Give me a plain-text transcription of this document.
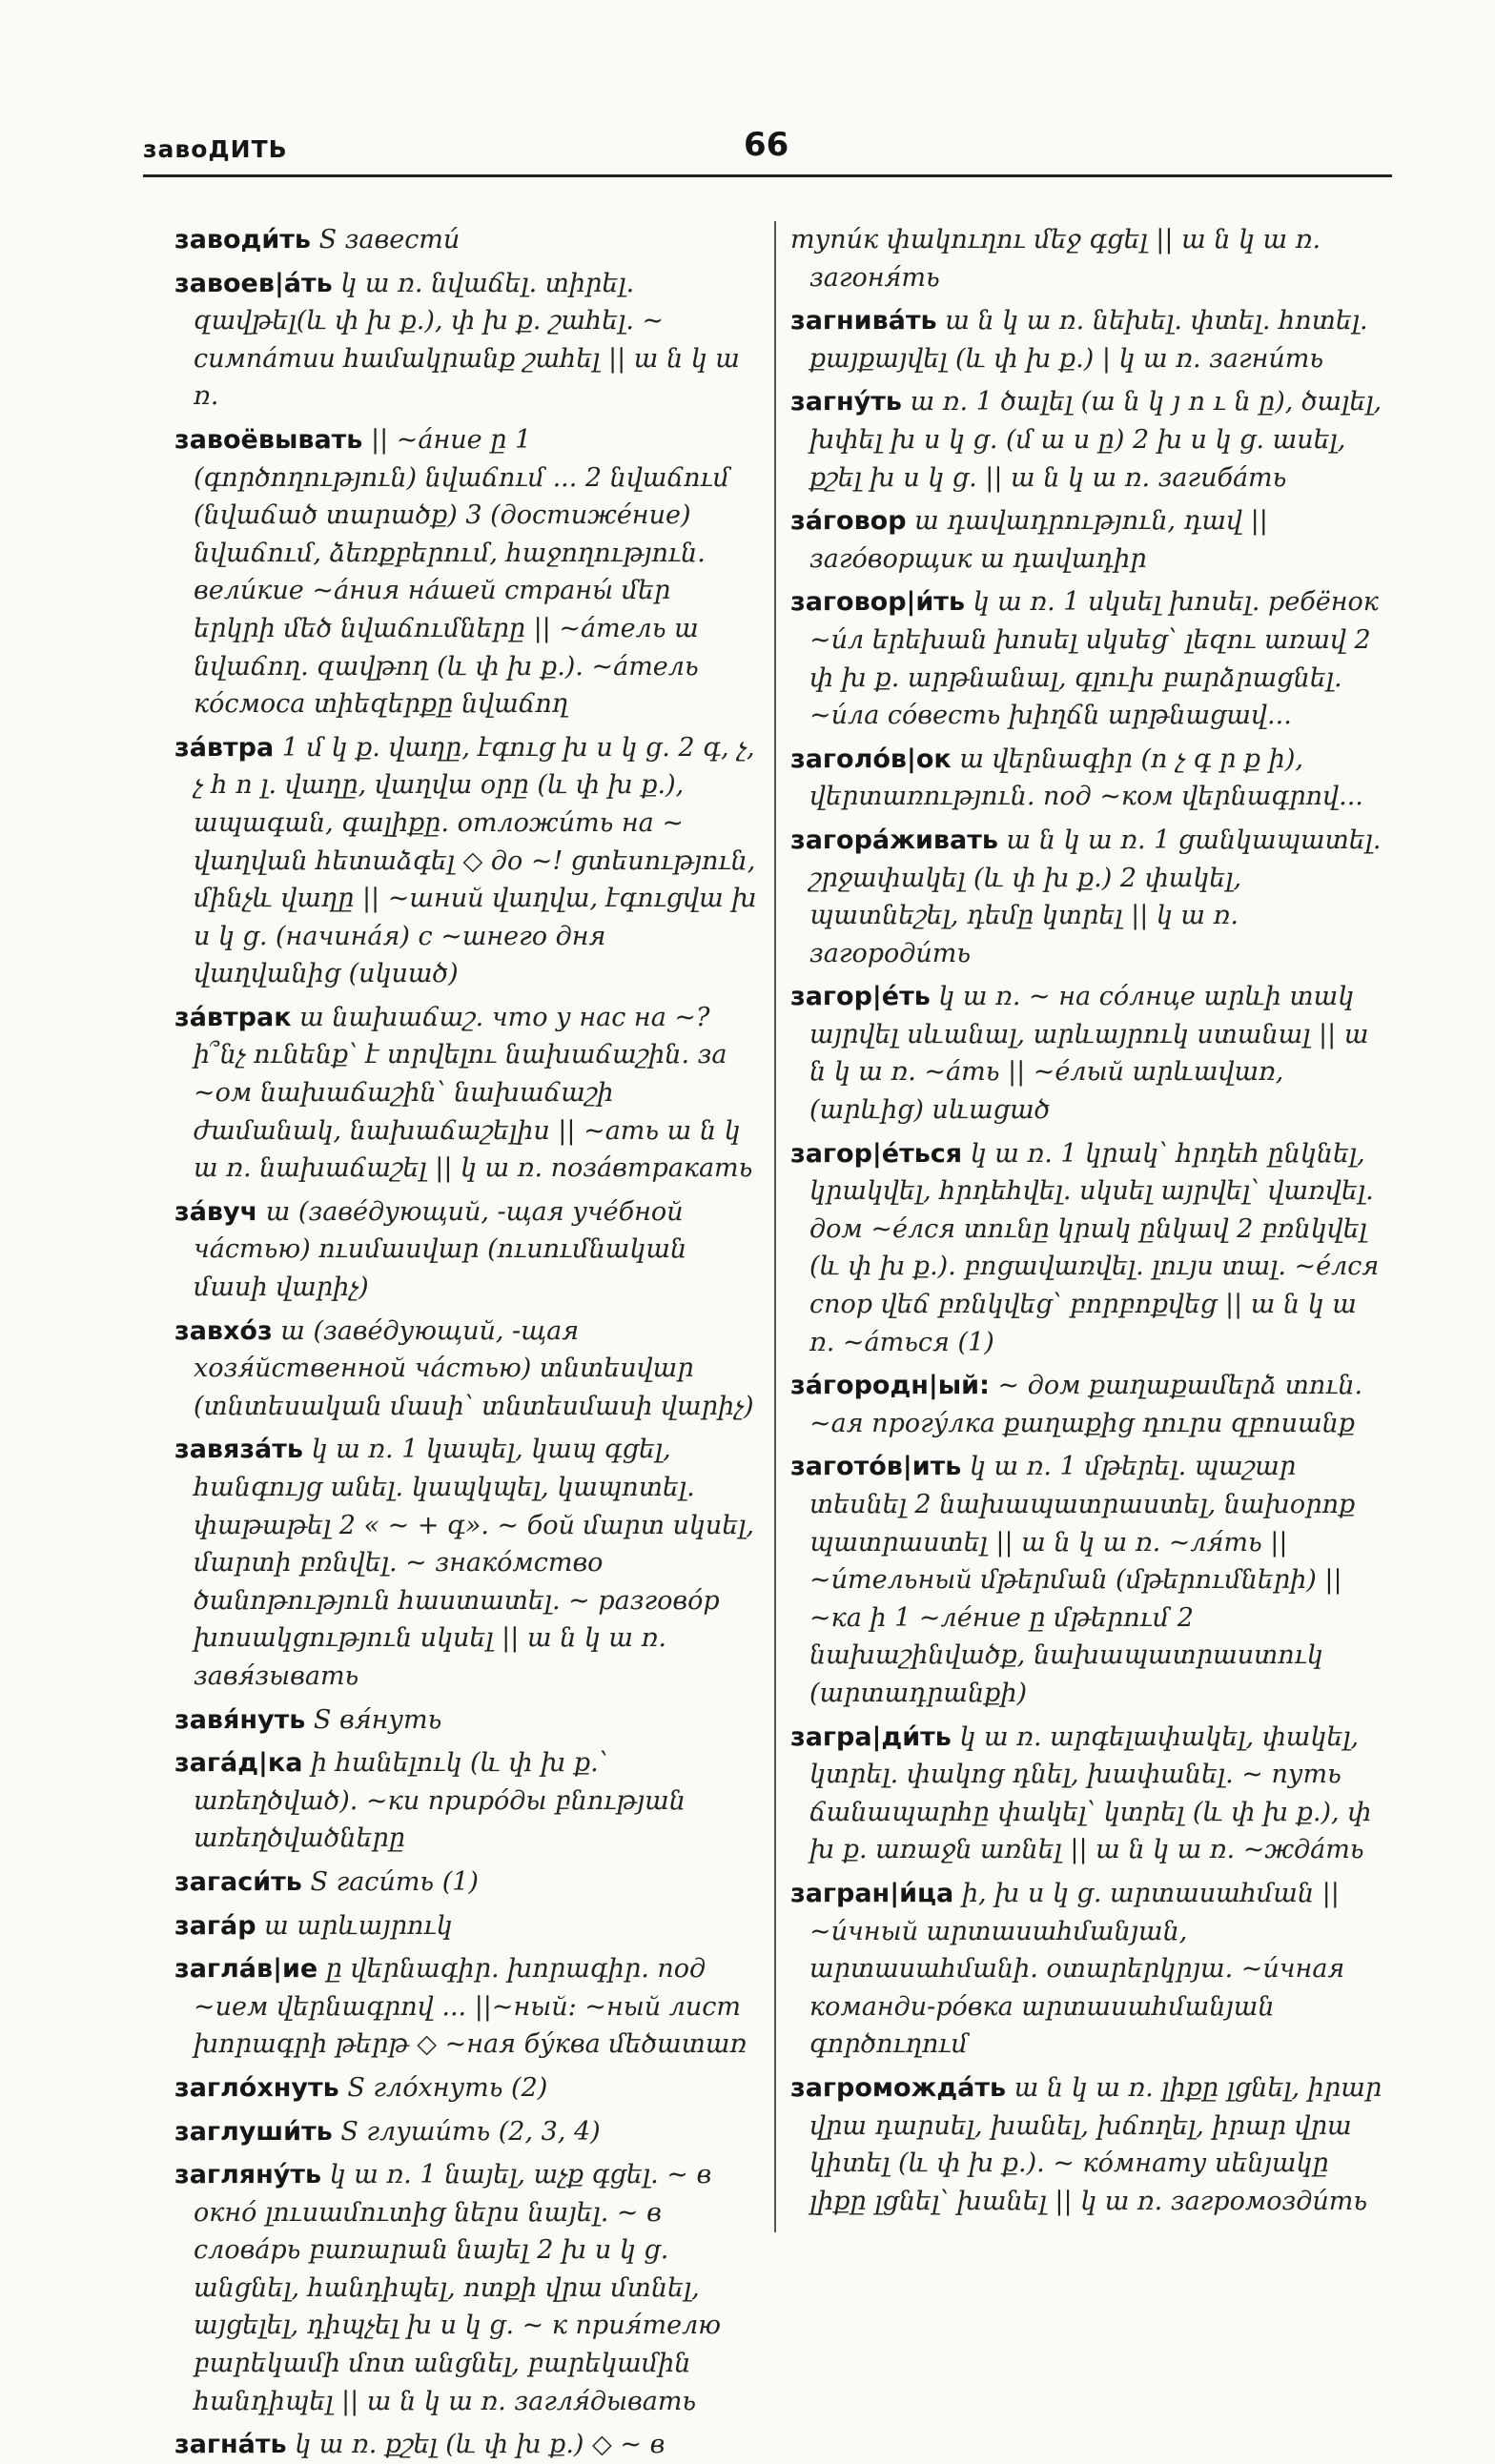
завоДИТЬ	66
заводи́ть S завести́
завоев|а́ть կ ա ռ. նվաճել. տիրել. զավթել(և փ խ ք.), փ խ ք. շահել. ~ симпа́тии համակրանք շահել || ա ն կ ա ռ.
завоёвывать || ~а́ние ը 1 (գործողություն) նվաճում ... 2 նվաճում (նվաճած տարածք) 3 (достиже́ние) նվաճում, ձեռքբերում, հաջողություն. вели́кие ~а́ния на́шей страны́ մեր երկրի մեծ նվաճումները || ~а́тель ա նվաճող. զավթող (և փ խ ք.). ~а́тель ко́смоса տիեզերքը նվաճող
за́втра 1 մ կ ք. վաղը, էգուց խ ս կ ց. 2 գ, չ, չ հ ո լ. վաղը, վաղվա օրը (և փ խ ք.), ապագան, գալիքը. отложи́ть на ~ վաղվան հետաձգել ◇ до ~! ցտեսություն, մինչև վաղը || ~шний վաղվա, էգուցվա խ ս կ ց. (начина́я) с ~шнего дня վաղվանից (սկսած)
за́втрак ա նախաճաշ. что у нас на ~? ի՞նչ ունենք՝ է տրվելու նախաճաշին. за ~ом նախաճաշին՝ նախաճաշի ժամանակ, նախաճաշելիս || ~ать ա ն կ ա ռ. նախաճաշել || կ ա ռ. поза́втракать
за́вуч ա (заве́дующий, -щая уче́бной ча́стью) ուսմասվար (ուսումնական մասի վարիչ)
завхо́з ա (заве́дующий, -щая хозя́йственной ча́стью) տնտեսվար (տնտեսական մասի՝ տնտեսմասի վարիչ)
завяза́ть կ ա ռ. 1 կապել, կապ գցել, հանգույց անել. կապկպել, կապոտել. փաթաթել 2 « ~ + գ». ~ бой մարտ սկսել, մարտի բռնվել. ~ знако́мство ծանոթություն հաստատել. ~ разгово́р խոսակցություն սկսել || ա ն կ ա ռ. завя́зывать
завя́нуть S вя́нуть
зага́д|ка ի հանելուկ (և փ խ ք.՝ առեղծված). ~ки приро́ды բնության առեղծվածները
загаси́ть S гаси́ть (1)
зага́р ա արևայրուկ
загла́в|ие ը վերնագիր. խորագիր. под ~ием վերնագրով ... ||~ный: ~ный лист խորագրի թերթ ◇ ~ная бу́ква մեծատառ
загло́хнуть S гло́хнуть (2)
заглуши́ть S глуши́ть (2, 3, 4)
загляну́ть կ ա ռ. 1 նայել, աչք գցել. ~ в окно́ լուսամուտից ներս նայել. ~ в слова́рь բառարան նայել 2 խ ս կ ց. անցնել, հանդիպել, ոտքի վրա մտնել, այցելել, դիպչել խ ս կ ց. ~ к прия́телю բարեկամի մոտ անցնել, բարեկամին հանդիպել || ա ն կ ա ռ. загля́дывать
загна́ть կ ա ռ. քշել (և փ խ ք.) ◇ ~ в
тупи́к փակուղու մեջ գցել || ա ն կ ա ռ. загоня́ть
загнива́ть ա ն կ ա ռ. նեխել. փտել. հոտել. քայքայվել (և փ խ ք.) | կ ա ռ. загни́ть
загну́ть ա ռ. 1 ծալել (ա ն կ յ ո ւ ն ը), ծալել, խփել խ ս կ ց. (մ ա ս ը) 2 խ ս կ ց. ասել, քշել խ ս կ ց. || ա ն կ ա ռ. загиба́ть
за́говор ա դավադրություն, դավ || заго́ворщик ա դավադիր
заговор|и́ть կ ա ռ. 1 սկսել խոսել. ребёнок ~и́л երեխան խոսել սկսեց՝ լեզու առավ 2 փ խ ք. արթնանալ, գլուխ բարձրացնել. ~и́ла со́весть խիղճն արթնացավ...
заголо́в|ок ա վերնագիր (ո չ գ ր ք ի), վերտառություն. под ~ком վերնագրով...
загора́живать ա ն կ ա ռ. 1 ցանկապատել. շրջափակել (և փ խ ք.) 2 փակել, պատնեշել, դեմը կտրել || կ ա ռ. загороди́ть
загор|е́ть կ ա ռ. ~ на со́лнце արևի տակ այրվել սևանալ, արևայրուկ ստանալ || ա ն կ ա ռ. ~а́ть || ~е́лый արևավառ, (արևից) սևացած
загор|е́ться կ ա ռ. 1 կրակ՝ հրդեհ ընկնել, կրակվել, հրդեհվել. սկսել այրվել՝ վառվել. дом ~е́лся տունը կրակ ընկավ 2 բռնկվել (և փ խ ք.). բոցավառվել. լույս տալ. ~е́лся спор վեճ բռնկվեց՝ բորբոքվեց || ա ն կ ա ռ. ~а́ться (1)
за́городн|ый: ~ дом քաղաքամերձ տուն. ~ая прогу́лка քաղաքից դուրս զբոսանք
загото́в|ить կ ա ռ. 1 մթերել. պաշար տեսնել 2 նախապատրաստել, նախօրոք պատրաստել || ա ն կ ա ռ. ~ля́ть || ~и́тельный մթերման (մթերումների) || ~ка ի 1 ~ле́ние ը մթերում 2 նախաշինվածք, նախապատրաստուկ (արտադրանքի)
загра|ди́ть կ ա ռ. արգելափակել, փակել, կտրել. փակոց դնել, խափանել. ~ путь ճանապարհը փակել՝ կտրել (և փ խ ք.), փ խ ք. առաջն առնել || ա ն կ ա ռ. ~жда́ть
загран|и́ца ի, խ ս կ ց. արտասահման || ~и́чный արտասահմանյան, արտասահմանի. օտարերկրյա. ~и́чная команди-ро́вка արտասահմանյան գործուղում
загроможда́ть ա ն կ ա ռ. լիքը լցնել, իրար վրա դարսել, խանել, խճողել, իրար վրա կիտել (և փ խ ք.). ~ ко́мнату սենյակը լիքը լցնել՝ խանել || կ ա ռ. загромозди́ть
